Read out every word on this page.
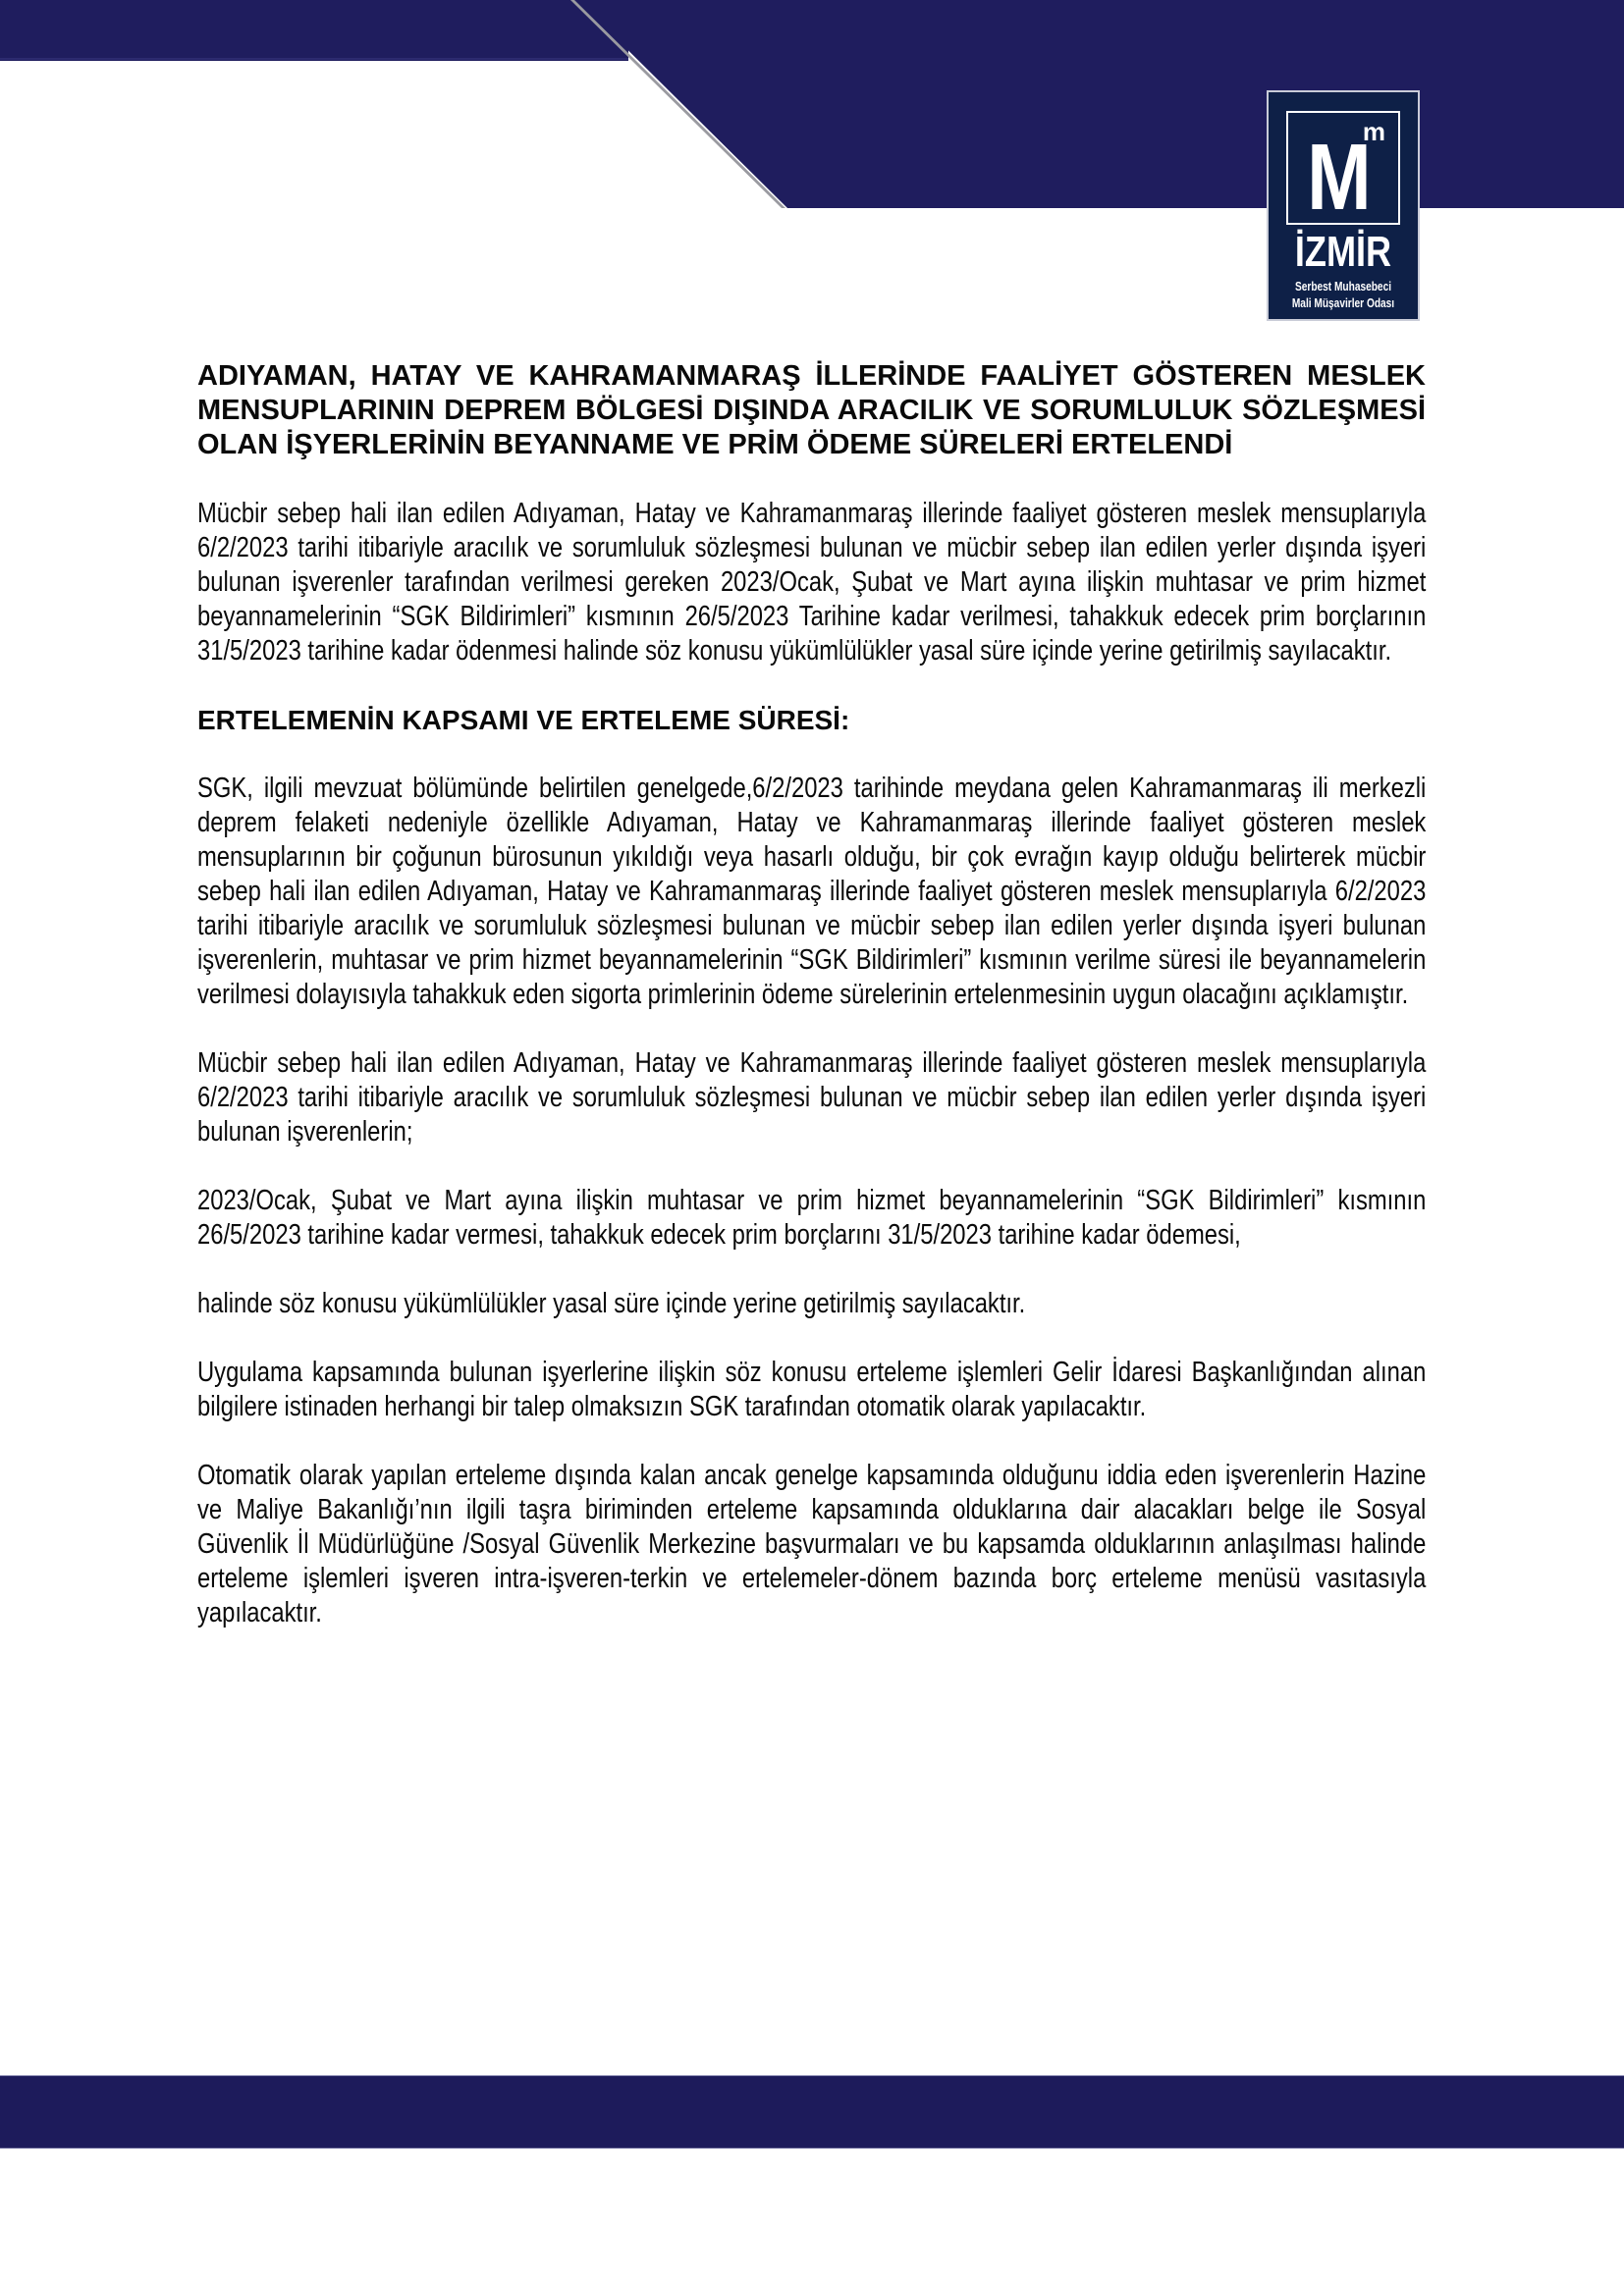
M
m
İZMİR
Serbest Muhasebeci
Mali Müşavirler Odası
ADIYAMAN, HATAY VE KAHRAMANMARAŞ İLLERİNDE FAALİYET GÖSTEREN MESLEK MENSUPLARININ DEPREM BÖLGESİ DIŞINDA ARACILIK VE SORUMLULUK SÖZLEŞMESİ OLAN İŞYERLERİNİN BEYANNAME VE PRİM ÖDEME SÜRELERİ ERTELENDİ
Mücbir sebep hali ilan edilen Adıyaman, Hatay ve Kahramanmaraş illerinde faaliyet gösteren meslek mensuplarıyla 6/2/2023 tarihi itibariyle aracılık ve sorumluluk sözleşmesi bulunan ve mücbir sebep ilan edilen yerler dışında işyeri bulunan işverenler tarafından verilmesi gereken 2023/Ocak, Şubat ve Mart ayına ilişkin muhtasar ve prim hizmet beyannamelerinin “SGK Bildirimleri” kısmının 26/5/2023 Tarihine kadar verilmesi, tahakkuk edecek prim borçlarının 31/5/2023 tarihine kadar ödenmesi halinde söz konusu yükümlülükler yasal süre içinde yerine getirilmiş sayılacaktır.
ERTELEMENİN KAPSAMI VE ERTELEME SÜRESİ:
SGK, ilgili mevzuat bölümünde belirtilen genelgede,6/2/2023 tarihinde meydana gelen Kahramanmaraş ili merkezli deprem felaketi nedeniyle özellikle Adıyaman, Hatay ve Kahramanmaraş illerinde faaliyet gösteren meslek mensuplarının bir çoğunun bürosunun yıkıldığı veya hasarlı olduğu, bir çok evrağın kayıp olduğu belirterek mücbir sebep hali ilan edilen Adıyaman, Hatay ve Kahramanmaraş illerinde faaliyet gösteren meslek mensuplarıyla 6/2/2023 tarihi itibariyle aracılık ve sorumluluk sözleşmesi bulunan ve mücbir sebep ilan edilen yerler dışında işyeri bulunan işverenlerin, muhtasar ve prim hizmet beyannamelerinin “SGK Bildirimleri” kısmının verilme süresi ile beyannamelerin verilmesi dolayısıyla tahakkuk eden sigorta primlerinin ödeme sürelerinin ertelenmesinin uygun olacağını açıklamıştır.
Mücbir sebep hali ilan edilen Adıyaman, Hatay ve Kahramanmaraş illerinde faaliyet gösteren meslek mensuplarıyla 6/2/2023 tarihi itibariyle aracılık ve sorumluluk sözleşmesi bulunan ve mücbir sebep ilan edilen yerler dışında işyeri bulunan işverenlerin;
2023/Ocak, Şubat ve Mart ayına ilişkin muhtasar ve prim hizmet beyannamelerinin “SGK Bildirimleri” kısmının 26/5/2023 tarihine kadar vermesi, tahakkuk edecek prim borçlarını 31/5/2023 tarihine kadar ödemesi,
halinde söz konusu yükümlülükler yasal süre içinde yerine getirilmiş sayılacaktır.
Uygulama kapsamında bulunan işyerlerine ilişkin söz konusu erteleme işlemleri Gelir İdaresi Başkanlığından alınan bilgilere istinaden herhangi bir talep olmaksızın SGK tarafından otomatik olarak yapılacaktır.
Otomatik olarak yapılan erteleme dışında kalan ancak genelge kapsamında olduğunu iddia eden işverenlerin Hazine ve Maliye Bakanlığı’nın ilgili taşra biriminden erteleme kapsamında olduklarına dair alacakları belge ile Sosyal Güvenlik İl Müdürlüğüne /Sosyal Güvenlik Merkezine başvurmaları ve bu kapsamda olduklarının anlaşılması halinde erteleme işlemleri işveren intra-işveren-terkin ve ertelemeler-dönem bazında borç erteleme menüsü vasıtasıyla yapılacaktır.
